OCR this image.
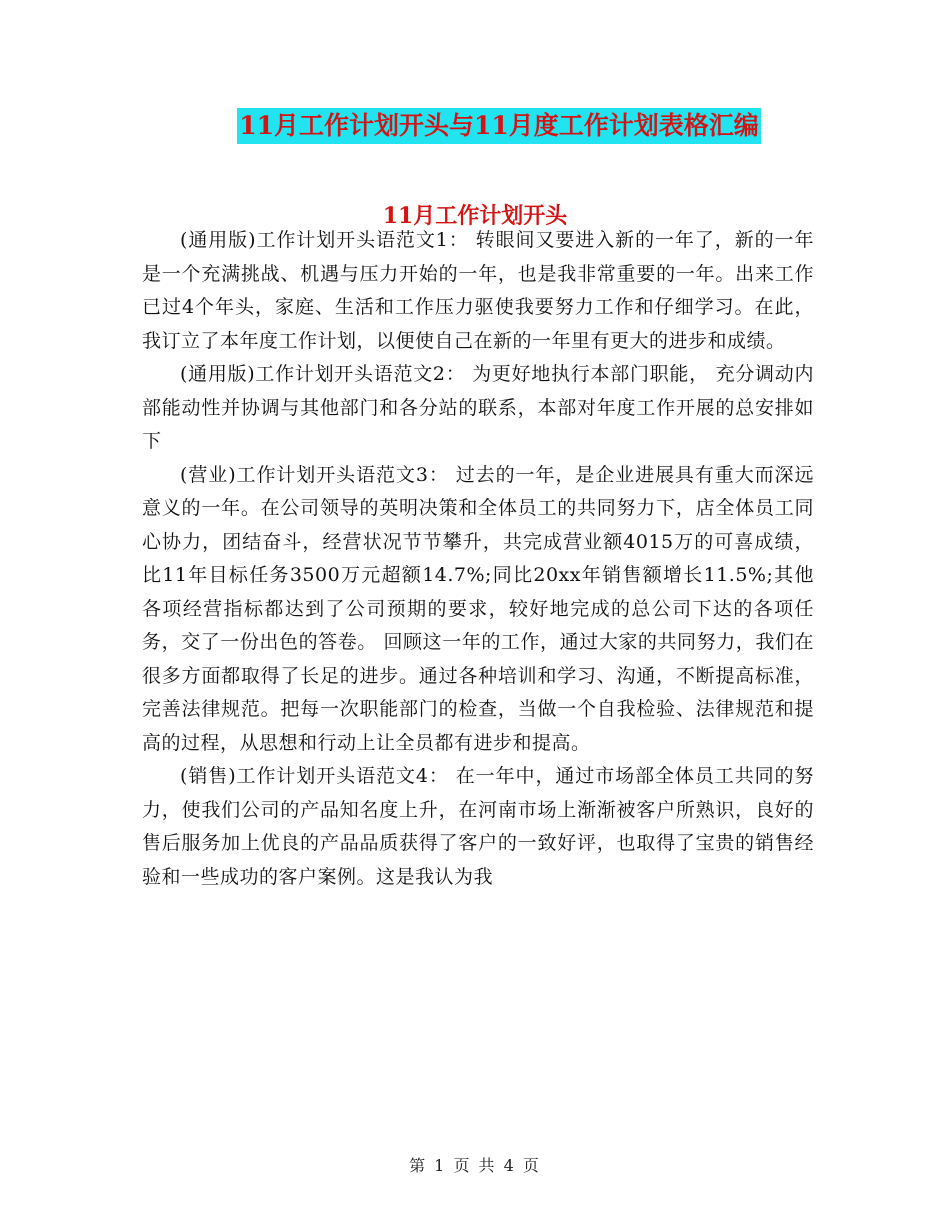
11月工作计划开头与11月度工作计划表格汇编
11月工作计划开头

(通用版)工作计划开头语范文1： 转眼间又要进入新的一年了，新的一年是一个充满挑战、机遇与压力开始的一年，也是我非常重要的一年。出来工作已过4个年头，家庭、生活和工作压力驱使我要努力工作和仔细学习。在此，我订立了本年度工作计划，以便使自己在新的一年里有更大的进步和成绩。

(通用版)工作计划开头语范文2： 为更好地执行本部门职能， 充分调动内部能动性并协调与其他部门和各分站的联系，本部对年度工作开展的总安排如下

(营业)工作计划开头语范文3： 过去的一年，是企业进展具有重大而深远意义的一年。在公司领导的英明决策和全体员工的共同努力下，店全体员工同心协力，团结奋斗，经营状况节节攀升，共完成营业额4015万的可喜成绩，比11年目标任务3500万元超额14.7%;同比20xx年销售额增长11.5%;其他各项经营指标都达到了公司预期的要求，较好地完成的总公司下达的各项任务，交了一份出色的答卷。 回顾这一年的工作，通过大家的共同努力，我们在很多方面都取得了长足的进步。通过各种培训和学习、沟通，不断提高标准，完善法律规范。把每一次职能部门的检查，当做一个自我检验、法律规范和提高的过程，从思想和行动上让全员都有进步和提高。

(销售)工作计划开头语范文4： 在一年中，通过市场部全体员工共同的努力，使我们公司的产品知名度上升，在河南市场上渐渐被客户所熟识，良好的售后服务加上优良的产品品质获得了客户的一致好评，也取得了宝贵的销售经验和一些成功的客户案例。这是我认为我

第 1 页 共 4 页
